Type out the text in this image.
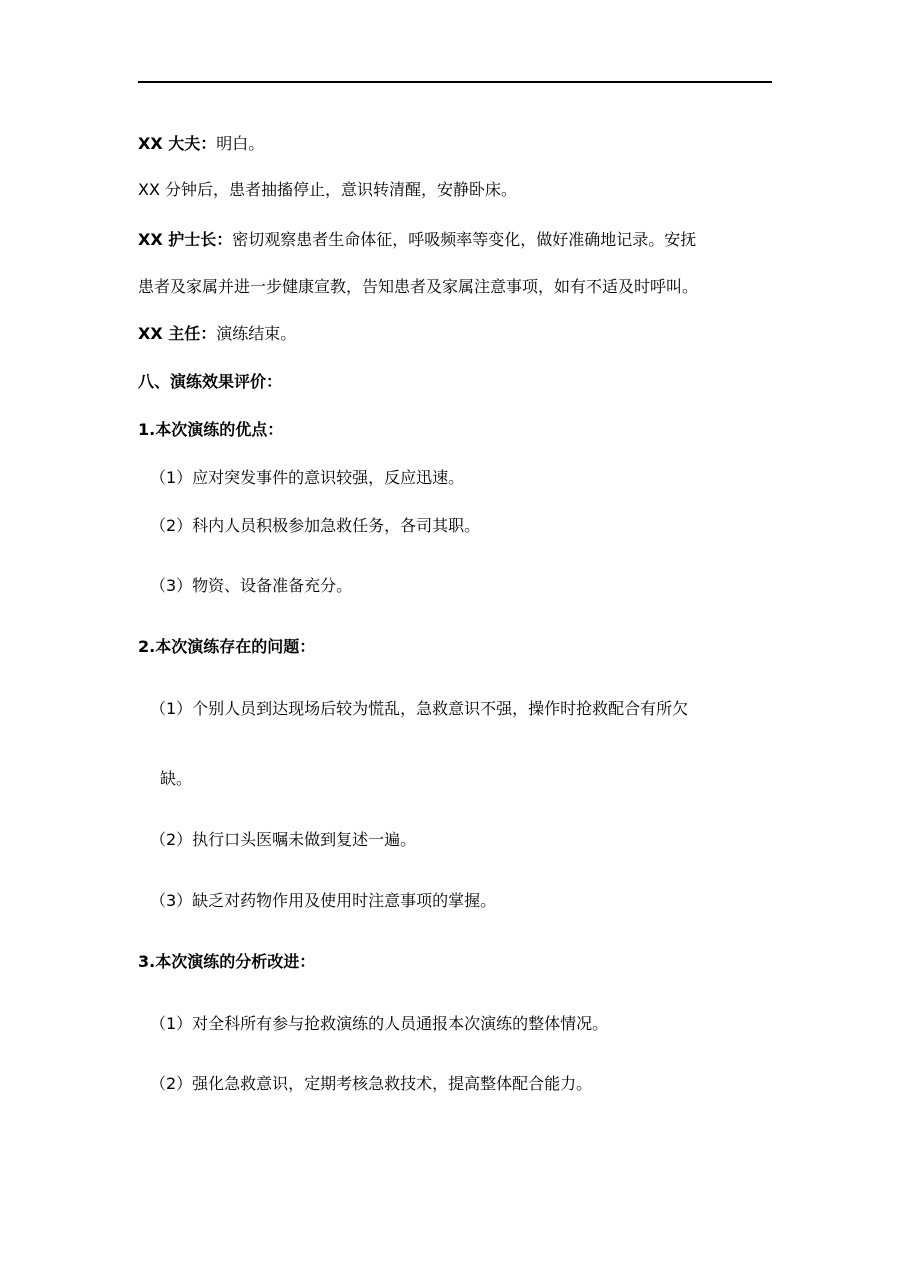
XX 大夫：明白。
XX 分钟后，患者抽搐停止，意识转清醒，安静卧床。
XX 护士长：密切观察患者生命体征，呼吸频率等变化，做好准确地记录。安抚
患者及家属并进一步健康宣教，告知患者及家属注意事项，如有不适及时呼叫。
XX 主任：演练结束。
八、演练效果评价：
1.本次演练的优点：
（1）应对突发事件的意识较强，反应迅速。
（2）科内人员积极参加急救任务，各司其职。
（3）物资、设备准备充分。
2.本次演练存在的问题：
（1）个别人员到达现场后较为慌乱，急救意识不强，操作时抢救配合有所欠
缺。
（2）执行口头医嘱未做到复述一遍。
（3）缺乏对药物作用及使用时注意事项的掌握。
3.本次演练的分析改进：
（1）对全科所有参与抢救演练的人员通报本次演练的整体情况。
（2）强化急救意识，定期考核急救技术，提高整体配合能力。
